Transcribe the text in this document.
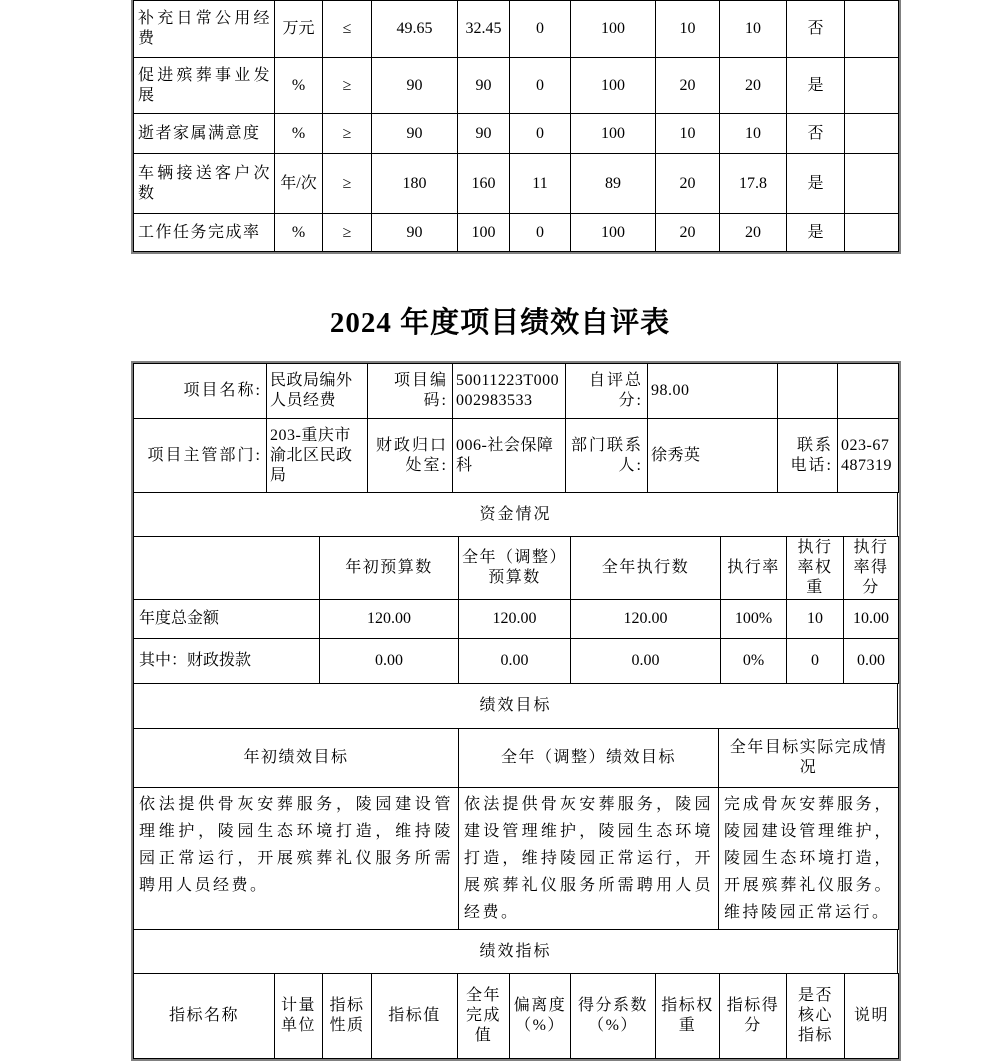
补充日常公用经费	万元	≤	49.65	32.45	0	100	10	10	否	
促进殡葬事业发展	%	≥	90	90	0	100	20	20	是	
逝者家属满意度	%	≥	90	90	0	100	10	10	否	
车辆接送客户次数	年/次	≥	180	160	11	89	20	17.8	是	
工作任务完成率	%	≥	90	100	0	100	20	20	是	
2024 年度项目绩效自评表
项目名称:	民政局编外人员经费	项目编码:	50011223T000002983533	自评总分:	98.00		
项目主管部门:	203-重庆市渝北区民政局	财政归口处室:	006-社会保障科	部门联系人:	徐秀英	联系电话:	023-67487319
资金情况
	年初预算数	全年（调整）预算数	全年执行数	执行率	执行率权重	执行率得分
年度总金额	120.00	120.00	120.00	100%	10	10.00
其中：财政拨款	0.00	0.00	0.00	0%	0	0.00
绩效目标
年初绩效目标	全年（调整）绩效目标	全年目标实际完成情况
依法提供骨灰安葬服务，陵园建设管理维护，陵园生态环境打造，维持陵园正常运行，开展殡葬礼仪服务所需聘用人员经费。	依法提供骨灰安葬服务，陵园建设管理维护，陵园生态环境打造，维持陵园正常运行，开展殡葬礼仪服务所需聘用人员经费。	完成骨灰安葬服务，陵园建设管理维护，陵园生态环境打造，开展殡葬礼仪服务。维持陵园正常运行。
绩效指标
指标名称	计量单位	指标性质	指标值	全年完成值	偏离度（%）	得分系数（%）	指标权重	指标得分	是否核心指标	说明
